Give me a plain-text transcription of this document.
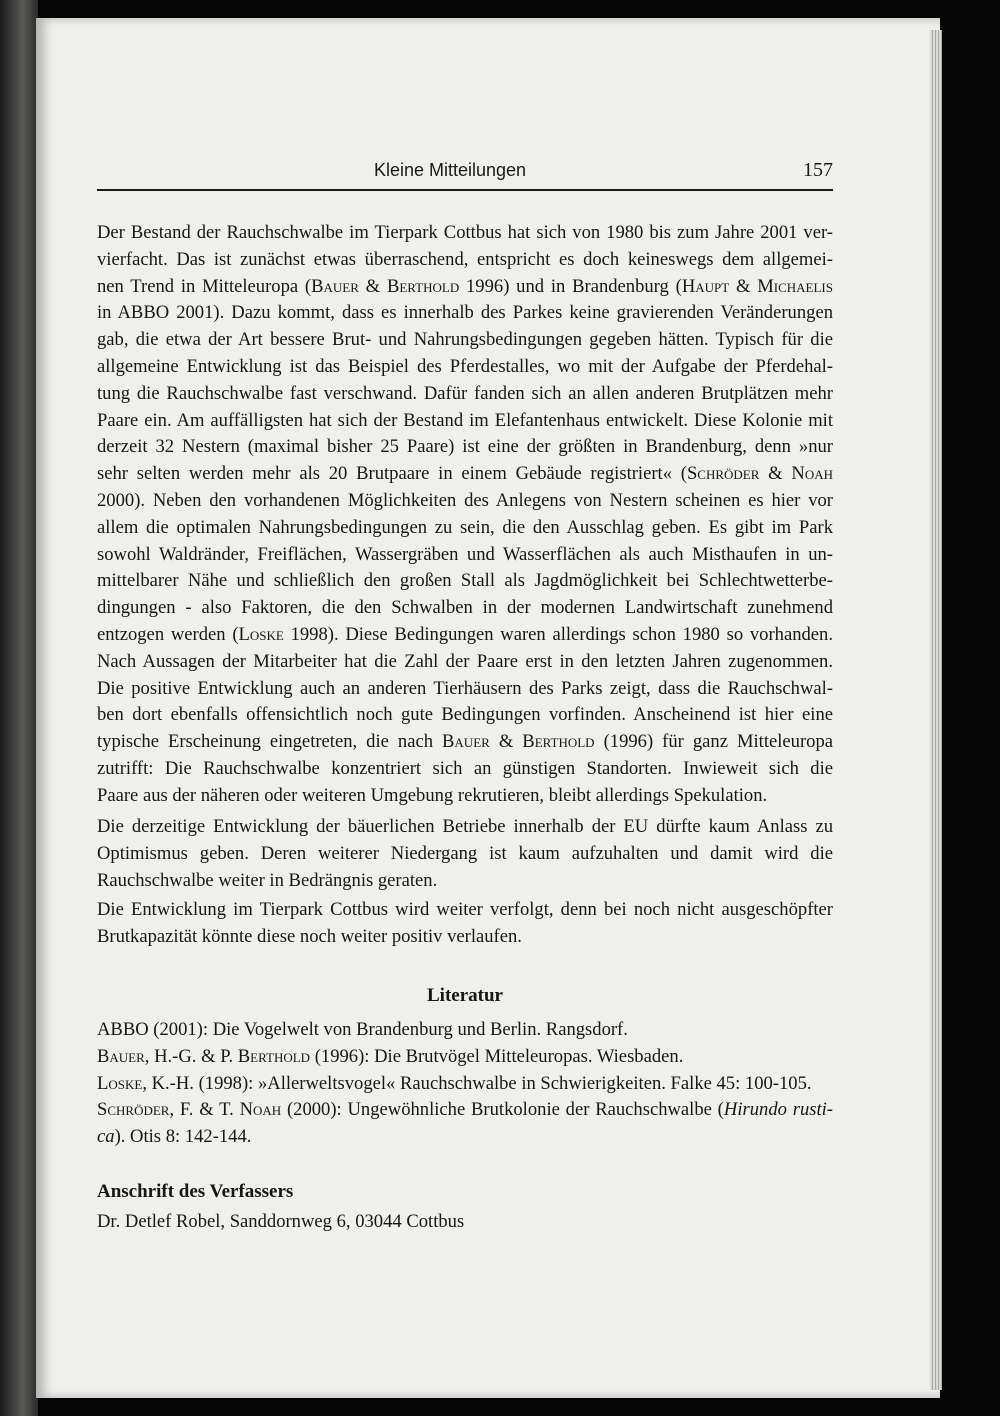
Kleine Mitteilungen	157
Der Bestand der Rauchschwalbe im Tierpark Cottbus hat sich von 1980 bis zum Jahre 2001 ver-
vierfacht. Das ist zunächst etwas überraschend, entspricht es doch keineswegs dem allgemei-
nen Trend in Mitteleuropa (Bauer & Berthold 1996) und in Brandenburg (Haupt & Michaelis
in ABBO 2001). Dazu kommt, dass es innerhalb des Parkes keine gravierenden Veränderungen
gab, die etwa der Art bessere Brut- und Nahrungsbedingungen gegeben hätten. Typisch für die
allgemeine Entwicklung ist das Beispiel des Pferdestalles, wo mit der Aufgabe der Pferdehal-
tung die Rauchschwalbe fast verschwand. Dafür fanden sich an allen anderen Brutplätzen mehr
Paare ein. Am auffälligsten hat sich der Bestand im Elefantenhaus entwickelt. Diese Kolonie mit
derzeit 32 Nestern (maximal bisher 25 Paare) ist eine der größten in Brandenburg, denn »nur
sehr selten werden mehr als 20 Brutpaare in einem Gebäude registriert« (Schröder & Noah
2000). Neben den vorhandenen Möglichkeiten des Anlegens von Nestern scheinen es hier vor
allem die optimalen Nahrungsbedingungen zu sein, die den Ausschlag geben. Es gibt im Park
sowohl Waldränder, Freiflächen, Wassergräben und Wasserflächen als auch Misthaufen in un-
mittelbarer Nähe und schließlich den großen Stall als Jagdmöglichkeit bei Schlechtwetterbe-
dingungen - also Faktoren, die den Schwalben in der modernen Landwirtschaft zunehmend
entzogen werden (Loske 1998). Diese Bedingungen waren allerdings schon 1980 so vorhanden.
Nach Aussagen der Mitarbeiter hat die Zahl der Paare erst in den letzten Jahren zugenommen.
Die positive Entwicklung auch an anderen Tierhäusern des Parks zeigt, dass die Rauchschwal-
ben dort ebenfalls offensichtlich noch gute Bedingungen vorfinden. Anscheinend ist hier eine
typische Erscheinung eingetreten, die nach Bauer & Berthold (1996) für ganz Mitteleuropa
zutrifft: Die Rauchschwalbe konzentriert sich an günstigen Standorten. Inwieweit sich die
Paare aus der näheren oder weiteren Umgebung rekrutieren, bleibt allerdings Spekulation.
Die derzeitige Entwicklung der bäuerlichen Betriebe innerhalb der EU dürfte kaum Anlass zu
Optimismus geben. Deren weiterer Niedergang ist kaum aufzuhalten und damit wird die
Rauchschwalbe weiter in Bedrängnis geraten.
Die Entwicklung im Tierpark Cottbus wird weiter verfolgt, denn bei noch nicht ausgeschöpfter
Brutkapazität könnte diese noch weiter positiv verlaufen.
Literatur
ABBO (2001): Die Vogelwelt von Brandenburg und Berlin. Rangsdorf.
Bauer, H.-G. & P. Berthold (1996): Die Brutvögel Mitteleuropas. Wiesbaden.
Loske, K.-H. (1998): »Allerweltsvogel« Rauchschwalbe in Schwierigkeiten. Falke 45: 100-105.
Schröder, F. & T. Noah (2000): Ungewöhnliche Brutkolonie der Rauchschwalbe (Hirundo rusti-
ca). Otis 8: 142-144.
Anschrift des Verfassers
Dr. Detlef Robel, Sanddornweg 6, 03044 Cottbus
